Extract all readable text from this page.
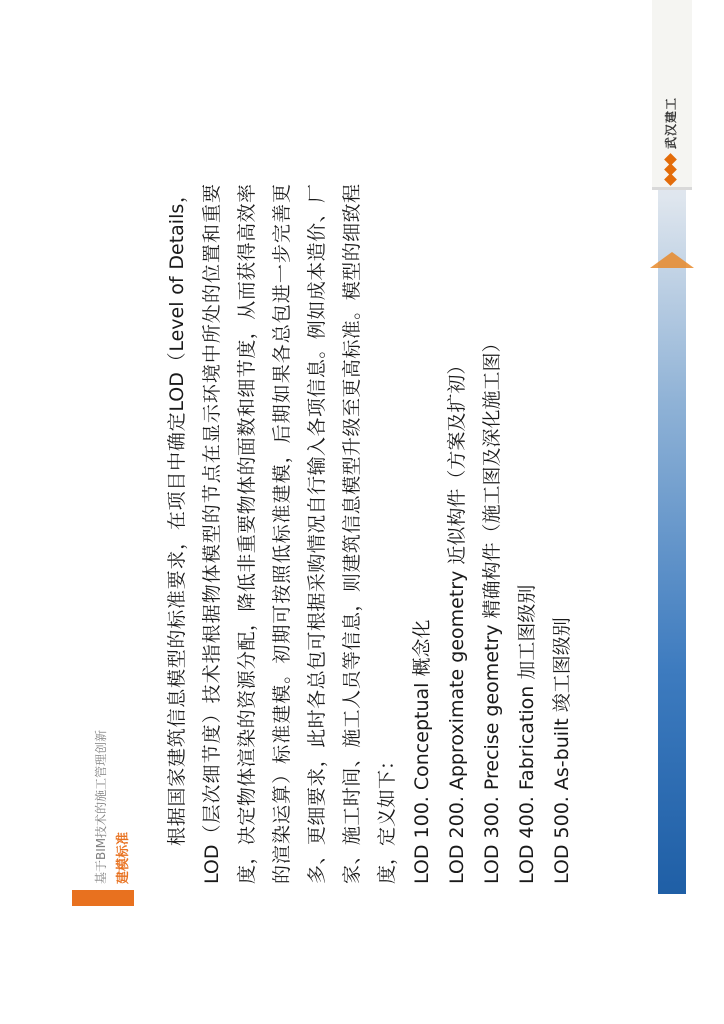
基于BIM技术的施工管理创新 建模标准

根据国家建筑信息模型的标准要求，在项目中确定LOD（Level of Details，LOD（层次细节度）技术指根据物体模型的节点在显示环境中所处的位置和重要度，决定物体渲染的资源分配，降低非重要物体的面数和细节度，从而获得高效率的渲染运算）标准建模。初期可按照低标准建模，后期如果各总包进一步完善更多、更细要求，此时各总包可根据采购情况自行输入各项信息。例如成本造价、厂家、施工时间、施工人员等信息，则建筑信息模型升级至更高标准。模型的细致程度，定义如下： LOD 100. Conceptual 概念化 LOD 200. Approximate geometry 近似构件（方案及扩初） LOD 300. Precise geometry 精确构件（施工图及深化施工图） LOD 400. Fabrication 加工图级别 LOD 500. As-built 竣工图级别
武汉建工
